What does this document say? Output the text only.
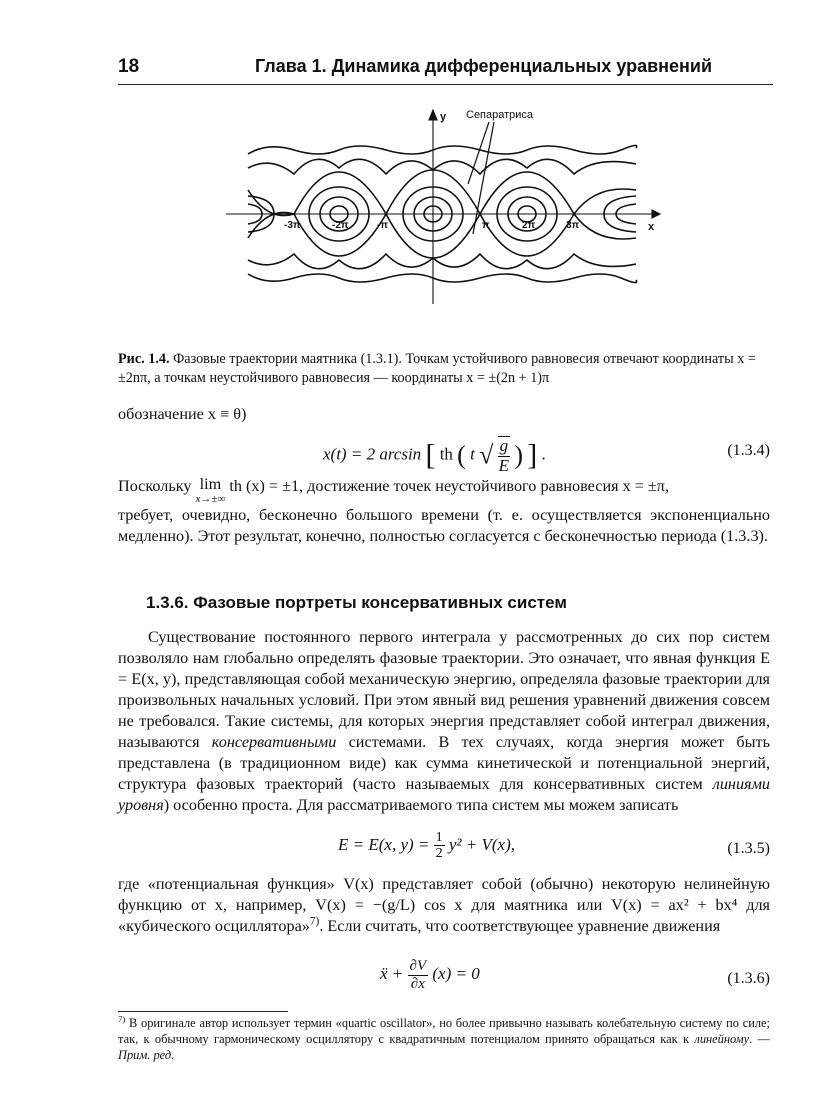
18	Глава 1. Динамика дифференциальных уравнений
y
x
Сепаратриса
-3π	-2π	-π	π	2π	3π
Рис. 1.4. Фазовые траектории маятника (1.3.1). Точкам устойчивого равновесия отвечают координаты x = ±2nπ, а точкам неустойчивого равновесия — координаты x = ±(2n + 1)π
обозначение x ≡ θ)
x(t) = 2 arcsin [ th ( t √ $\frac{g}{E}$ ) ] .	(1.3.4)
Поскольку lim
x→±∞
th (x) = ±1, достижение точек неустойчивого равновесия x = ±π,
требует, очевидно, бесконечно большого времени (т. е. осуществляется экспоненциально медленно). Этот результат, конечно, полностью согласуется с бесконечностью периода (1.3.3).
1.3.6. Фазовые портреты консервативных систем
Существование постоянного первого интеграла у рассмотренных до сих пор систем позволяло нам глобально определять фазовые траектории. Это означает, что явная функция E = E(x, y), представляющая собой механическую энергию, определяла фазовые траектории для произвольных начальных условий. При этом явный вид решения уравнений движения совсем не требовался. Такие системы, для которых энергия представляет собой интеграл движения, называются консервативными системами. В тех случаях, когда энергия может быть представлена (в традиционном виде) как сумма кинетической и потенциальной энергий, структура фазовых траекторий (часто называемых для консервативных систем линиями уровня) особенно проста. Для рассматриваемого типа систем мы можем записать
E = E(x, $y) = \frac{1}{2} y^2 + V(x)$,	(1.3.5)
где «потенциальная функция» V(x) представляет собой (обычно) некоторую нелинейную функцию от x, например, V(x) = −(g/L) cos x для маятника или V(x) = ax² + bx⁴ для «кубического осциллятора»$^{7)}$. Если считать, что соответствующее уравнение движения
ẍ + $\frac{\partial V}{\partial x} (x) = 0$	(1.3.6)
$^{7)}$ В оригинале автор использует термин «quartic oscillator», но более привычно называть колебательную систему по силе; так, к обычному гармоническому осциллятору с квадратичным потенциалом принято обращаться как к линейному. — Прим. ред.
